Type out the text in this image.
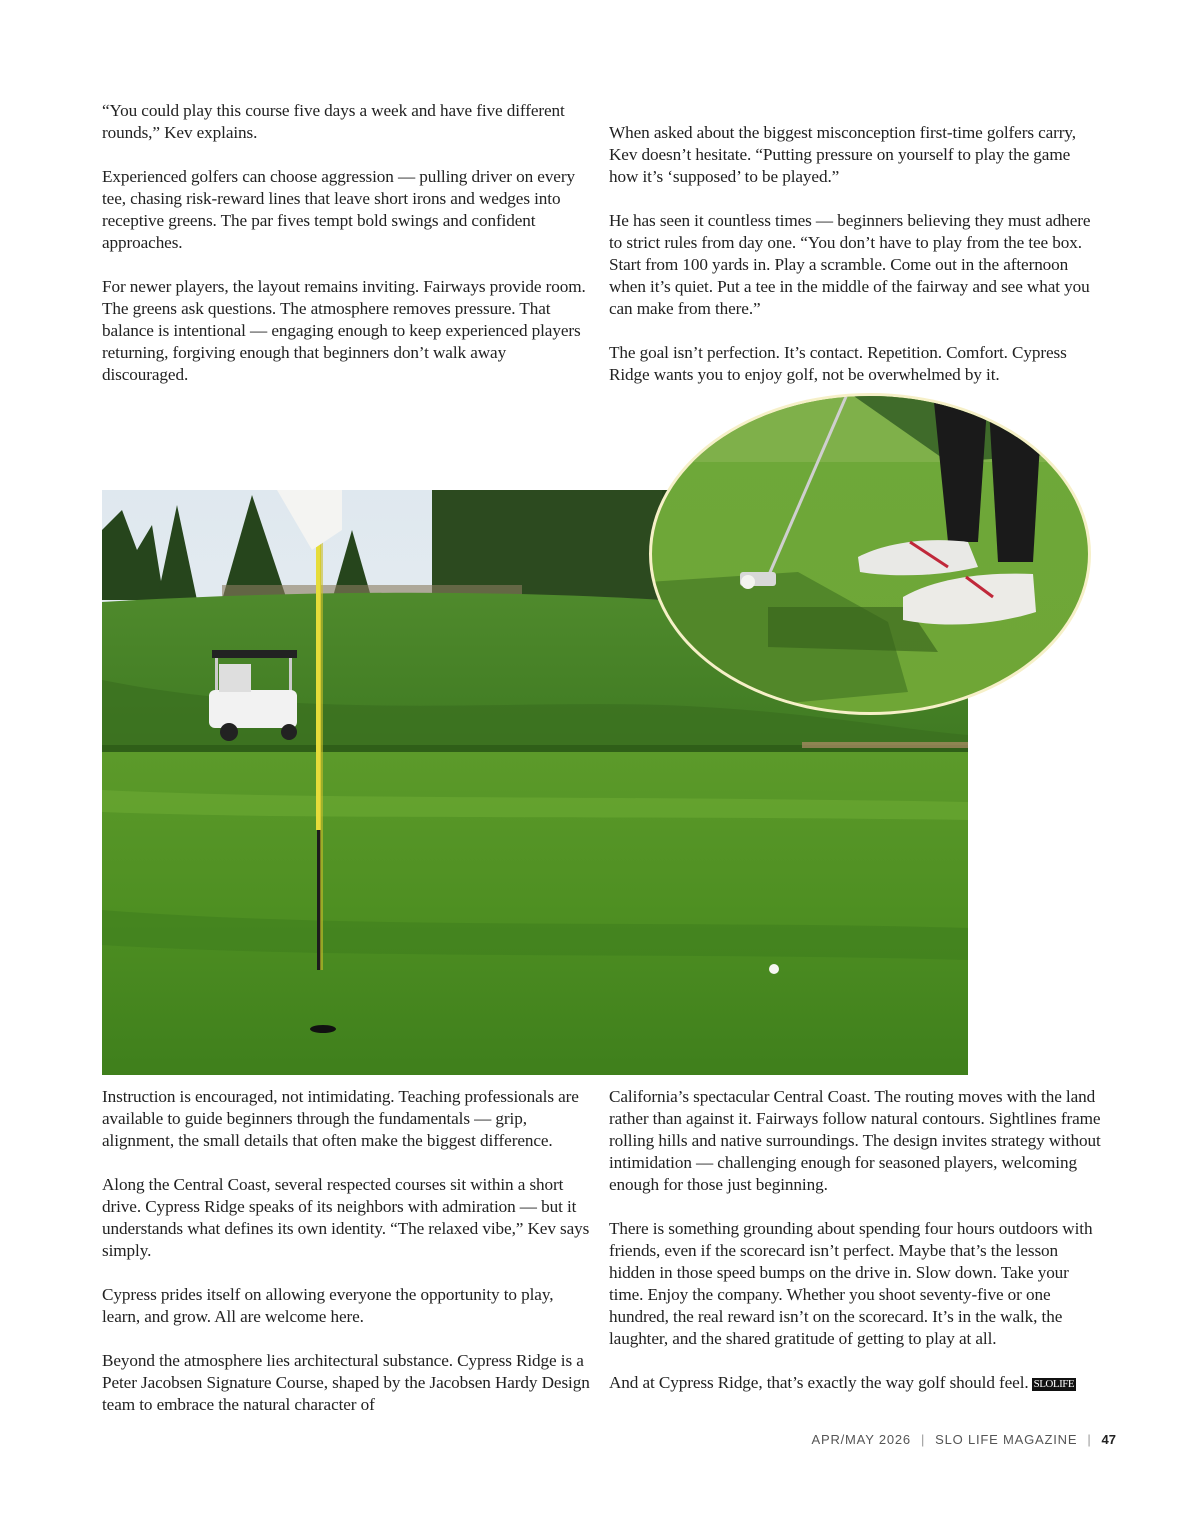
“You could play this course five days a week and have five different rounds,” Kev explains.

Experienced golfers can choose aggression — pulling driver on every tee, chasing risk-reward lines that leave short irons and wedges into receptive greens. The par fives tempt bold swings and confident approaches.

For newer players, the layout remains inviting. Fairways provide room. The greens ask questions. The atmosphere removes pressure. That balance is intentional — engaging enough to keep experienced players returning, forgiving enough that beginners don’t walk away discouraged.

When asked about the biggest misconception first-time golfers carry, Kev doesn’t hesitate. “Putting pressure on yourself to play the game how it’s ‘supposed’ to be played.”

He has seen it countless times — beginners believing they must adhere to strict rules from day one. “You don’t have to play from the tee box. Start from 100 yards in. Play a scramble. Come out in the afternoon when it’s quiet. Put a tee in the middle of the fairway and see what you can make from there.”

The goal isn’t perfection. It’s contact. Repetition. Comfort. Cypress Ridge wants you to enjoy golf, not be overwhelmed by it.

Instruction is encouraged, not intimidating. Teaching professionals are available to guide beginners through the fundamentals — grip, alignment, the small details that often make the biggest difference.

Along the Central Coast, several respected courses sit within a short drive. Cypress Ridge speaks of its neighbors with admiration — but it understands what defines its own identity. “The relaxed vibe,” Kev says simply.

Cypress prides itself on allowing everyone the opportunity to play, learn, and grow. All are welcome here.

Beyond the atmosphere lies architectural substance. Cypress Ridge is a Peter Jacobsen Signature Course, shaped by the Jacobsen Hardy Design team to embrace the natural character of

California’s spectacular Central Coast. The routing moves with the land rather than against it. Fairways follow natural contours. Sightlines frame rolling hills and native surroundings. The design invites strategy without intimidation — challenging enough for seasoned players, welcoming enough for those just beginning.

There is something grounding about spending four hours outdoors with friends, even if the scorecard isn’t perfect. Maybe that’s the lesson hidden in those speed bumps on the drive in. Slow down. Take your time. Enjoy the company. Whether you shoot seventy-five or one hundred, the real reward isn’t on the scorecard. It’s in the walk, the laughter, and the shared gratitude of getting to play at all.

And at Cypress Ridge, that’s exactly the way golf should feel. SLOLIFE

APR/MAY 2026 | SLO LIFE MAGAZINE | 47
